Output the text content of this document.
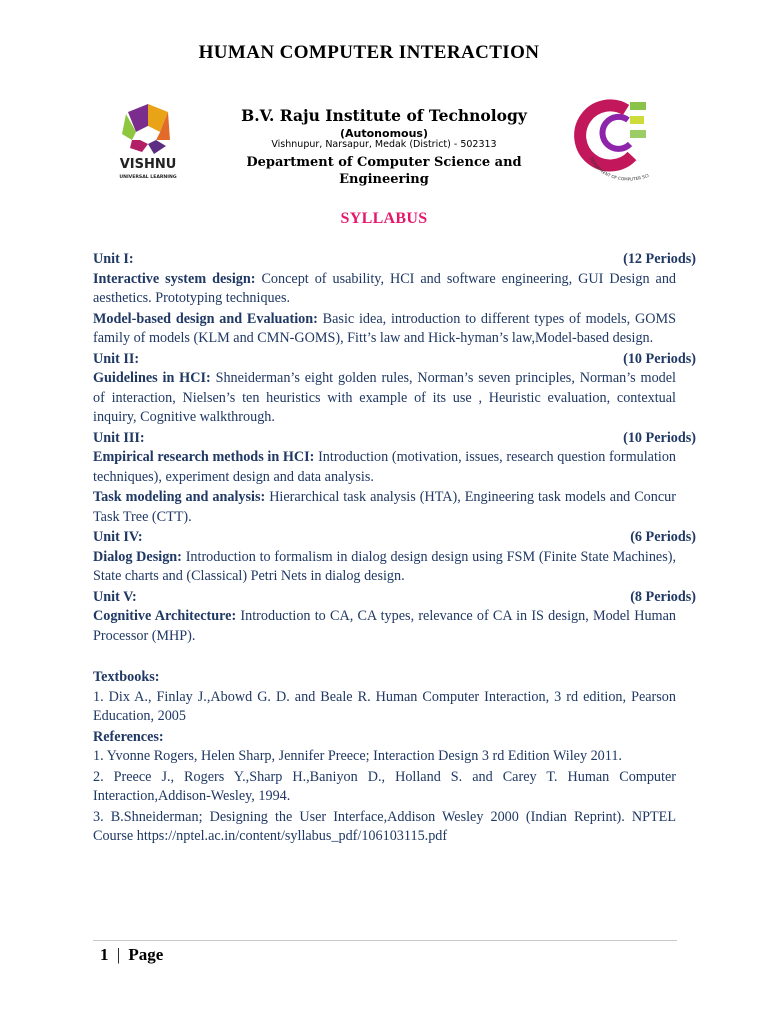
HUMAN COMPUTER INTERACTION
VISHNU
UNIVERSAL LEARNING
B.V. Raju Institute of Technology
(Autonomous)
Vishnupur, Narsapur, Medak (District) - 502313
Department of Computer Science and Engineering
DEPARTMENT OF COMPUTER SCI
SYLLABUS
Unit I:	(12 Periods)

Interactive system design: Concept of usability, HCI and software engineering, GUI Design and aesthetics. Prototyping techniques.

Model-based design and Evaluation: Basic idea, introduction to different types of models, GOMS family of models (KLM and CMN-GOMS), Fitt’s law and Hick-hyman’s law,Model-based design.

Unit II:	(10 Periods)

Guidelines in HCI: Shneiderman’s eight golden rules, Norman’s seven principles, Norman’s model of interaction, Nielsen’s ten heuristics with example of its use , Heuristic evaluation, contextual inquiry, Cognitive walkthrough.

Unit III:	(10 Periods)

Empirical research methods in HCI: Introduction (motivation, issues, research question formulation techniques), experiment design and data analysis.

Task modeling and analysis: Hierarchical task analysis (HTA), Engineering task models and Concur Task Tree (CTT).

Unit IV:	(6 Periods)

Dialog Design: Introduction to formalism in dialog design design using FSM (Finite State Machines), State charts and (Classical) Petri Nets in dialog design.

Unit V:	(8 Periods)

Cognitive Architecture: Introduction to CA, CA types, relevance of CA in IS design, Model Human Processor (MHP).

Textbooks:
1. Dix A., Finlay J.,Abowd G. D. and Beale R. Human Computer Interaction, 3 rd edition, Pearson Education, 2005
References:
1. Yvonne Rogers, Helen Sharp, Jennifer Preece; Interaction Design 3 rd Edition Wiley 2011.
2. Preece J., Rogers Y.,Sharp H.,Baniyon D., Holland S. and Carey T. Human Computer Interaction,Addison-Wesley, 1994.
3. B.Shneiderman; Designing the User Interface,Addison Wesley 2000 (Indian Reprint). NPTEL Course https://nptel.ac.in/content/syllabus_pdf/106103115.pdf
1 | Page
